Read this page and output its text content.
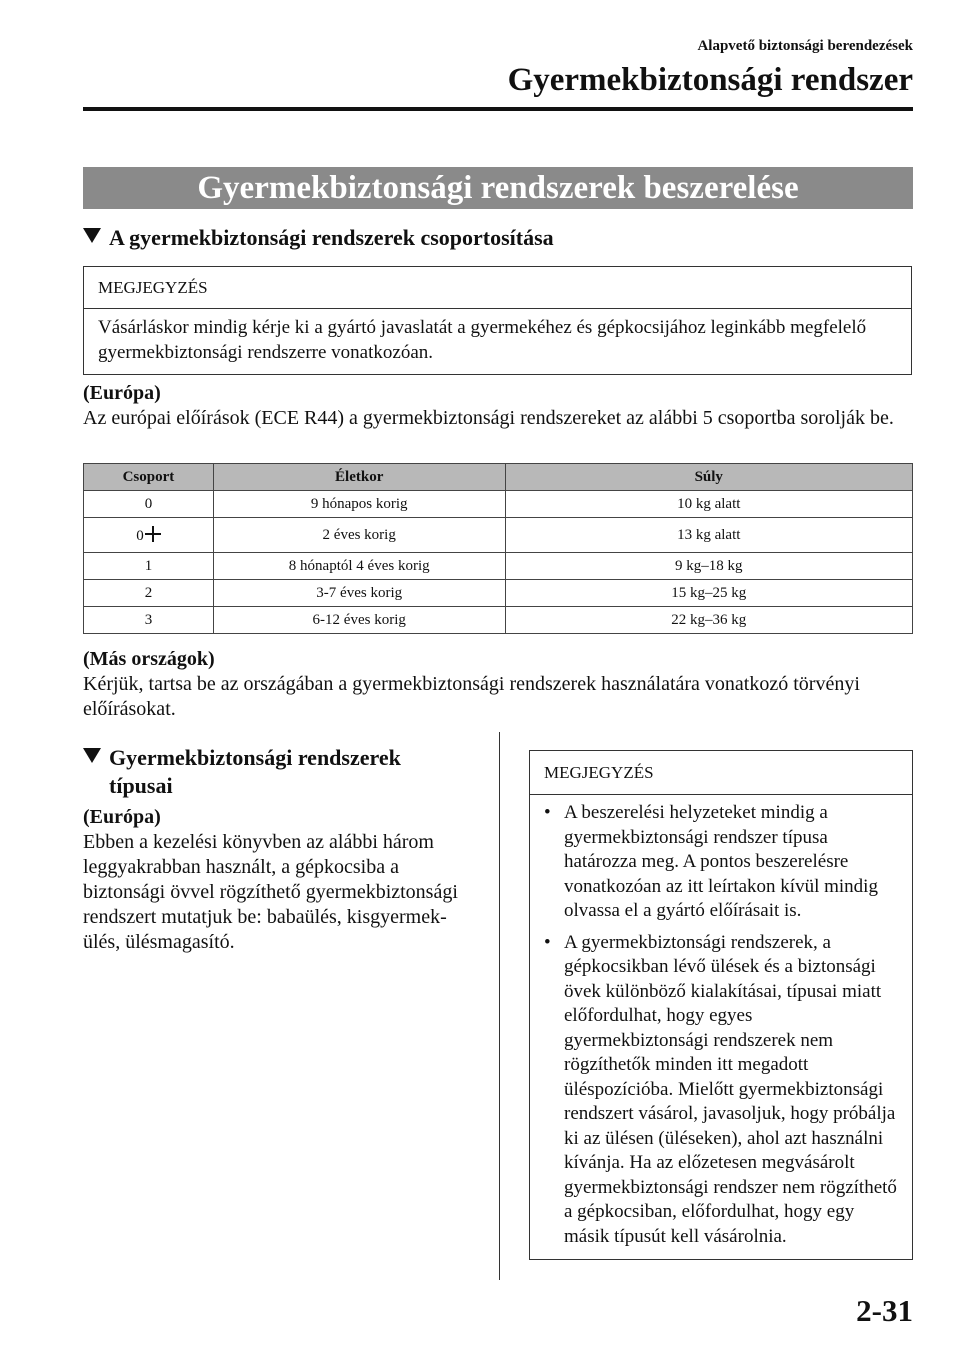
Alapvető biztonsági berendezések
Gyermekbiztonsági rendszer
Gyermekbiztonsági rendszerek beszerelése
A gyermekbiztonsági rendszerek csoportosítása
MEGJEGYZÉS
Vásárláskor mindig kérje ki a gyártó javaslatát a gyermekéhez és gépkocsijához leginkább megfelelő gyermekbiztonsági rendszerre vonatkozóan.
(Európa)
Az európai előírások (ECE R44) a gyermekbiztonsági rendszereket az alábbi 5 csoportba sorolják be.
Csoport	Életkor	Súly
0	9 hónapos korig	10 kg alatt
0	2 éves korig	13 kg alatt
1	8 hónaptól 4 éves korig	9 kg–18 kg
2	3-7 éves korig	15 kg–25 kg
3	6-12 éves korig	22 kg–36 kg
(Más országok)
Kérjük, tartsa be az országában a gyermekbiztonsági rendszerek használatára vonatkozó törvényi előírásokat.
Gyermekbiztonsági rendszerek
típusai
(Európa)
Ebben a kezelési könyvben az alábbi három leggyakrabban használt, a gépkocsiba a biztonsági övvel rögzíthető gyermekbiztonsági rendszert mutatjuk be: babaülés, kisgyermek-ülés, ülésmagasító.
MEGJEGYZÉS
• A beszerelési helyzeteket mindig a gyermekbiztonsági rendszer típusa határozza meg. A pontos beszerelésre vonatkozóan az itt leírtakon kívül mindig olvassa el a gyártó előírásait is.
• A gyermekbiztonsági rendszerek, a gépkocsikban lévő ülések és a biztonsági övek különböző kialakításai, típusai miatt előfordulhat, hogy egyes gyermekbiztonsági rendszerek nem rögzíthetők minden itt megadott üléspozícióba. Mielőtt gyermekbiztonsági rendszert vásárol, javasoljuk, hogy próbálja ki az ülésen (üléseken), ahol azt használni kívánja. Ha az előzetesen megvásárolt gyermekbiztonsági rendszer nem rögzíthető a gépkocsiban, előfordulhat, hogy egy másik típusút kell vásárolnia.
2-31
